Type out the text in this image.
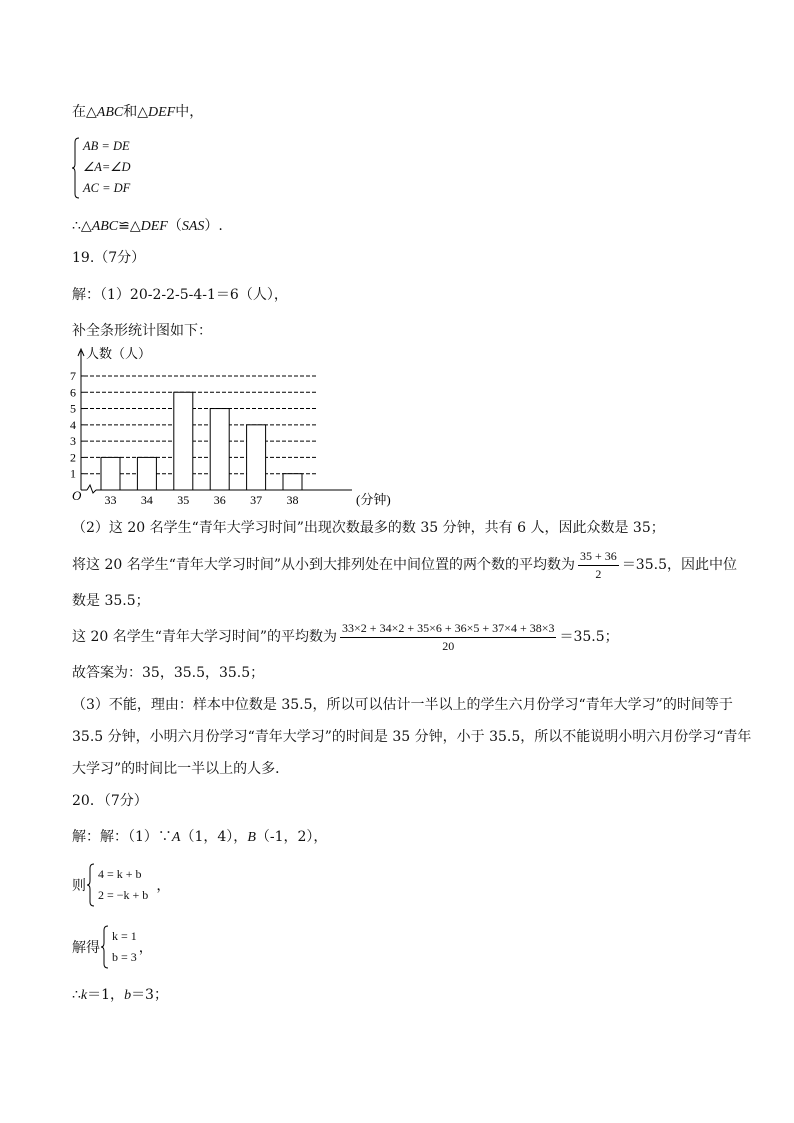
在△ABC和△DEF中，
AB = DE
∠A=∠D
AC = DF
∴△ABC≌△DEF（SAS）.
19.（7分）
解：（1）20-2-2-5-4-1＝6（人），
补全条形统计图如下：
1
2
3
4
5
6
7
33 34 35 36 37 38
人数（人）
(分钟)
O
（2）这 20 名学生“青年大学习时间”出现次数最多的数 35 分钟，共有 6 人，因此众数是 35；
将这 20 名学生“青年大学习时间”从小到大排列处在中间位置的两个数的平均数为 $\frac{35 + 36}{2} =35.5$，因此中位
数是 35.5；
这 20 名学生“青年大学习时间”的平均数为 $\frac{33\times 2 + 34\times 2 + 35\times 6 + 36\times 5 + 37\times 4 + 38\times 3}{20} =35.5$；
故答案为：35，35.5，35.5；
（3）不能，理由：样本中位数是 35.5，所以可以估计一半以上的学生六月份学习“青年大学习”的时间等于
35.5 分钟，小明六月份学习“青年大学习”的时间是 35 分钟，小于 35.5，所以不能说明小明六月份学习“青年
大学习”的时间比一半以上的人多．
20．（7分）
解：解：（1）∵A（1，4），B（-1，2），
则
4 = k + b
2 = −k + b
，
解得
k = 1
b = 3
，
∴k＝1，b＝3；
